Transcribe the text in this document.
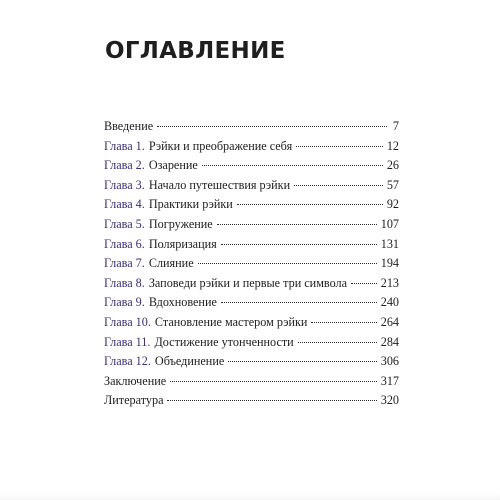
ОГЛАВЛЕНИЕ
Введение	7
Глава 1. Рэйки и преображение себя	12
Глава 2. Озарение	26
Глава 3. Начало путешествия рэйки	57
Глава 4. Практики рэйки	92
Глава 5. Погружение	107
Глава 6. Поляризация	131
Глава 7. Слияние	194
Глава 8. Заповеди рэйки и первые три символа	213
Глава 9. Вдохновение	240
Глава 10. Становление мастером рэйки	264
Глава 11. Достижение утонченности	284
Глава 12. Объединение	306
Заключение	317
Литература	320
